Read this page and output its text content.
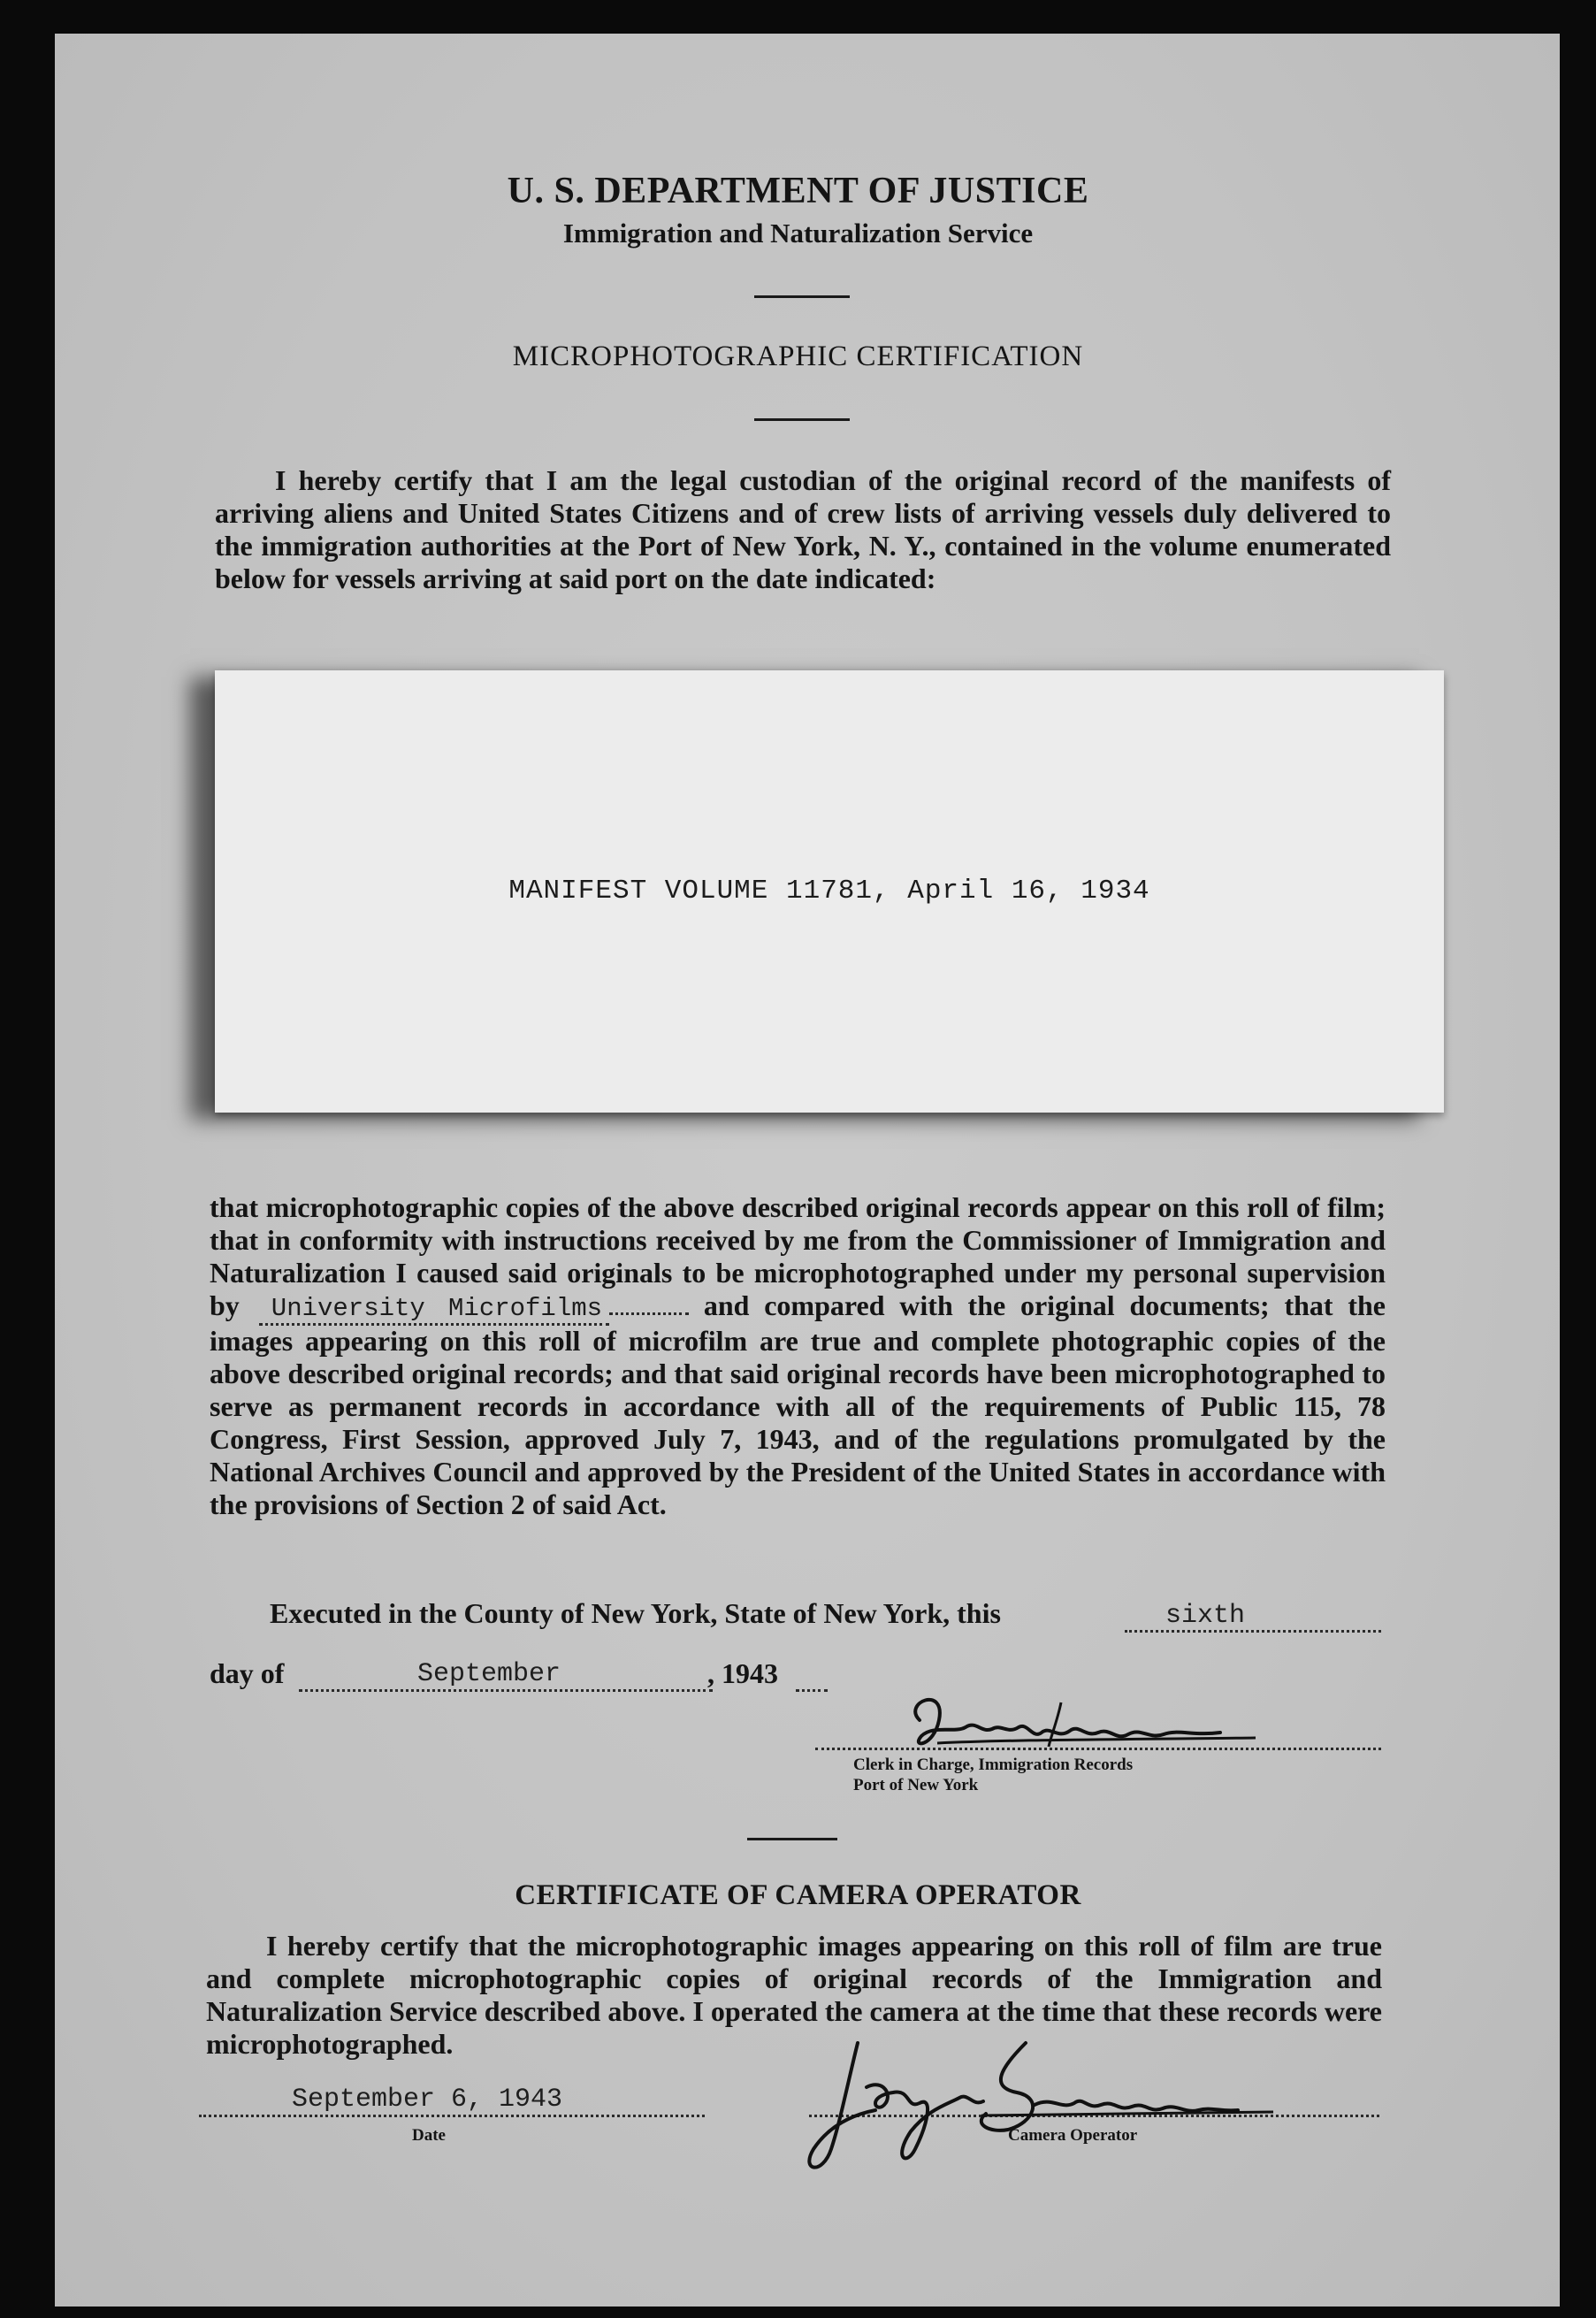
U. S. DEPARTMENT OF JUSTICE
Immigration and Naturalization Service
MICROPHOTOGRAPHIC CERTIFICATION
I hereby certify that I am the legal custodian of the original record of the manifests of arriving aliens and United States Citizens and of crew lists of arriving vessels duly delivered to the immigration authorities at the Port of New York, N. Y., contained in the volume enumerated below for vessels arriving at said port on the date indicated:
MANIFEST VOLUME 11781, April 16, 1934
that microphotographic copies of the above described original records appear on this roll of film; that in conformity with instructions received by me from the Commissioner of Immigration and Naturalization I caused said originals to be microphotographed under my personal supervision by University Microfilms	and compared with the original documents; that the images appearing on this roll of microfilm are true and complete photographic copies of the above described original records; and that said original records have been microphotographed to serve as permanent records in accordance with all of the requirements of Public 115, 78 Congress, First Session, approved July 7, 1943, and of the regulations promulgated by the National Archives Council and approved by the President of the United States in accordance with the provisions of Section 2 of said Act.
Executed in the County of New York, State of New York, this	sixth
day of	September	, 1943
Clerk in Charge, Immigration Records
Port of New York
CERTIFICATE OF CAMERA OPERATOR
I hereby certify that the microphotographic images appearing on this roll of film are true and complete microphotographic copies of original records of the Immigration and Naturalization Service described above. I operated the camera at the time that these records were microphotographed.
September 6, 1943
Date	Camera Operator
